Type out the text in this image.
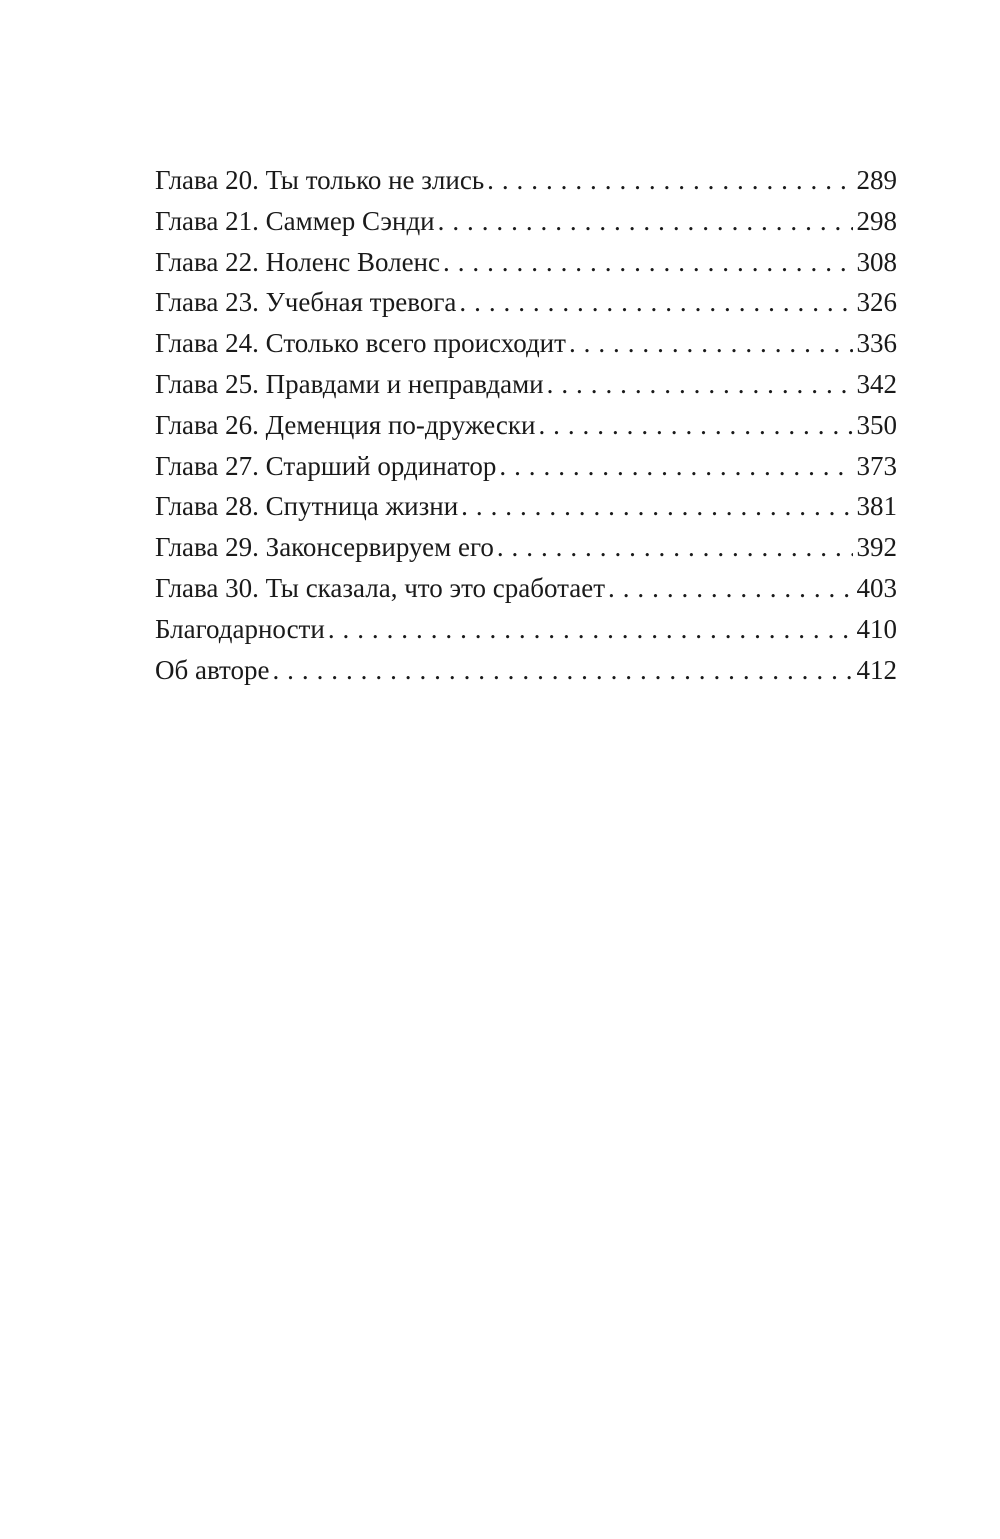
Глава 20. Ты только не злись . . .	289
Глава 21. Саммер Сэнди . . .	298
Глава 22. Ноленс Воленс . . .	308
Глава 23. Учебная тревога . . .	326
Глава 24. Столько всего происходит . . .	336
Глава 25. Правдами и неправдами . . .	342
Глава 26. Деменция по-дружески . . .	350
Глава 27. Старший ординатор . . .	373
Глава 28. Спутница жизни . . .	381
Глава 29. Законсервируем его . . .	392
Глава 30. Ты сказала, что это сработает . . .	403
Благодарности . . .	410
Об авторе . . .	412
